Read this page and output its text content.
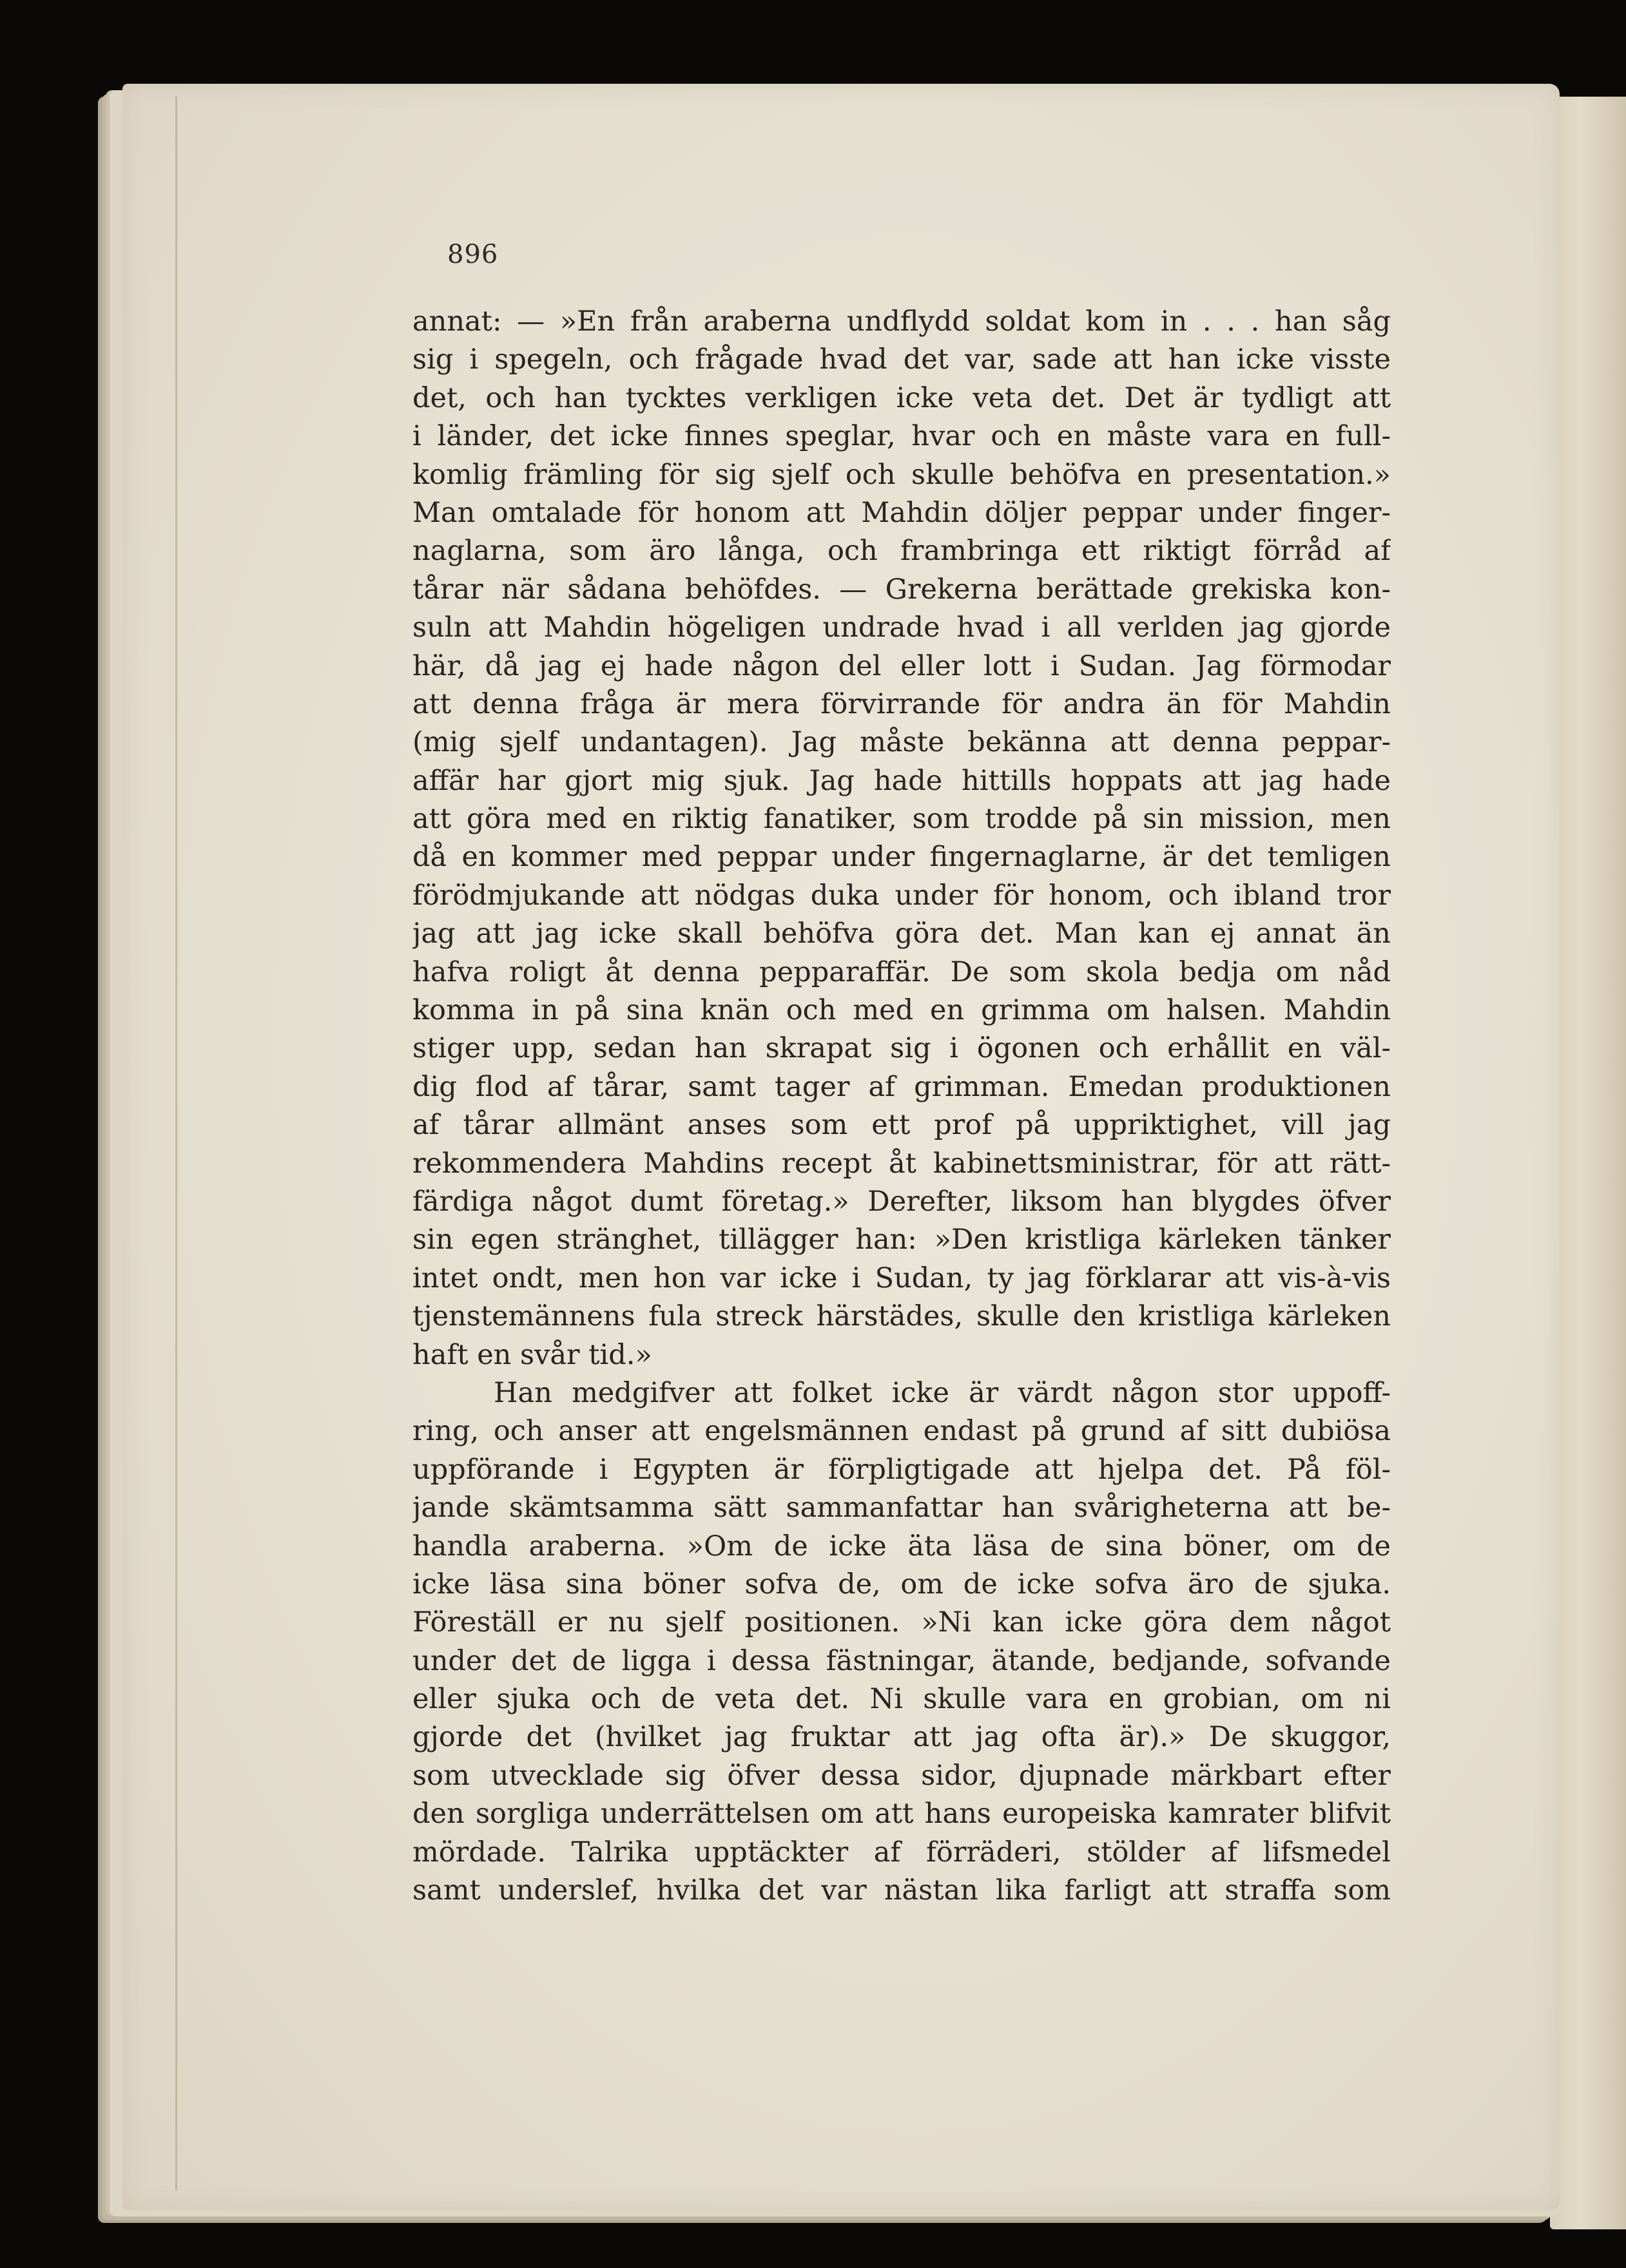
896
annat: — »En från araberna undflydd soldat kom in . . . han såg
sig i spegeln, och frågade hvad det var, sade att han icke visste
det, och han tycktes verkligen icke veta det. Det är tydligt att
i länder, det icke finnes speglar, hvar och en måste vara en full-
komlig främling för sig sjelf och skulle behöfva en presentation.»
Man omtalade för honom att Mahdin döljer peppar under finger-
naglarna, som äro långa, och frambringa ett riktigt förråd af
tårar när sådana behöfdes. — Grekerna berättade grekiska kon-
suln att Mahdin högeligen undrade hvad i all verlden jag gjorde
här, då jag ej hade någon del eller lott i Sudan. Jag förmodar
att denna fråga är mera förvirrande för andra än för Mahdin
(mig sjelf undantagen). Jag måste bekänna att denna peppar-
affär har gjort mig sjuk. Jag hade hittills hoppats att jag hade
att göra med en riktig fanatiker, som trodde på sin mission, men
då en kommer med peppar under fingernaglarne, är det temligen
förödmjukande att nödgas duka under för honom, och ibland tror
jag att jag icke skall behöfva göra det. Man kan ej annat än
hafva roligt åt denna pepparaffär. De som skola bedja om nåd
komma in på sina knän och med en grimma om halsen. Mahdin
stiger upp, sedan han skrapat sig i ögonen och erhållit en väl-
dig flod af tårar, samt tager af grimman. Emedan produktionen
af tårar allmänt anses som ett prof på uppriktighet, vill jag
rekommendera Mahdins recept åt kabinettsministrar, för att rätt-
färdiga något dumt företag.» Derefter, liksom han blygdes öfver
sin egen stränghet, tillägger han: »Den kristliga kärleken tänker
intet ondt, men hon var icke i Sudan, ty jag förklarar att vis-à-vis
tjenstemännens fula streck härstädes, skulle den kristliga kärleken
haft en svår tid.»
Han medgifver att folket icke är värdt någon stor uppoff-
ring, och anser att engelsmännen endast på grund af sitt dubiösa
uppförande i Egypten är förpligtigade att hjelpa det. På föl-
jande skämtsamma sätt sammanfattar han svårigheterna att be-
handla araberna. »Om de icke äta läsa de sina böner, om de
icke läsa sina böner sofva de, om de icke sofva äro de sjuka.
Föreställ er nu sjelf positionen. »Ni kan icke göra dem något
under det de ligga i dessa fästningar, ätande, bedjande, sofvande
eller sjuka och de veta det. Ni skulle vara en grobian, om ni
gjorde det (hvilket jag fruktar att jag ofta är).» De skuggor,
som utvecklade sig öfver dessa sidor, djupnade märkbart efter
den sorgliga underrättelsen om att hans europeiska kamrater blifvit
mördade. Talrika upptäckter af förräderi, stölder af lifsmedel
samt underslef, hvilka det var nästan lika farligt att straffa som
